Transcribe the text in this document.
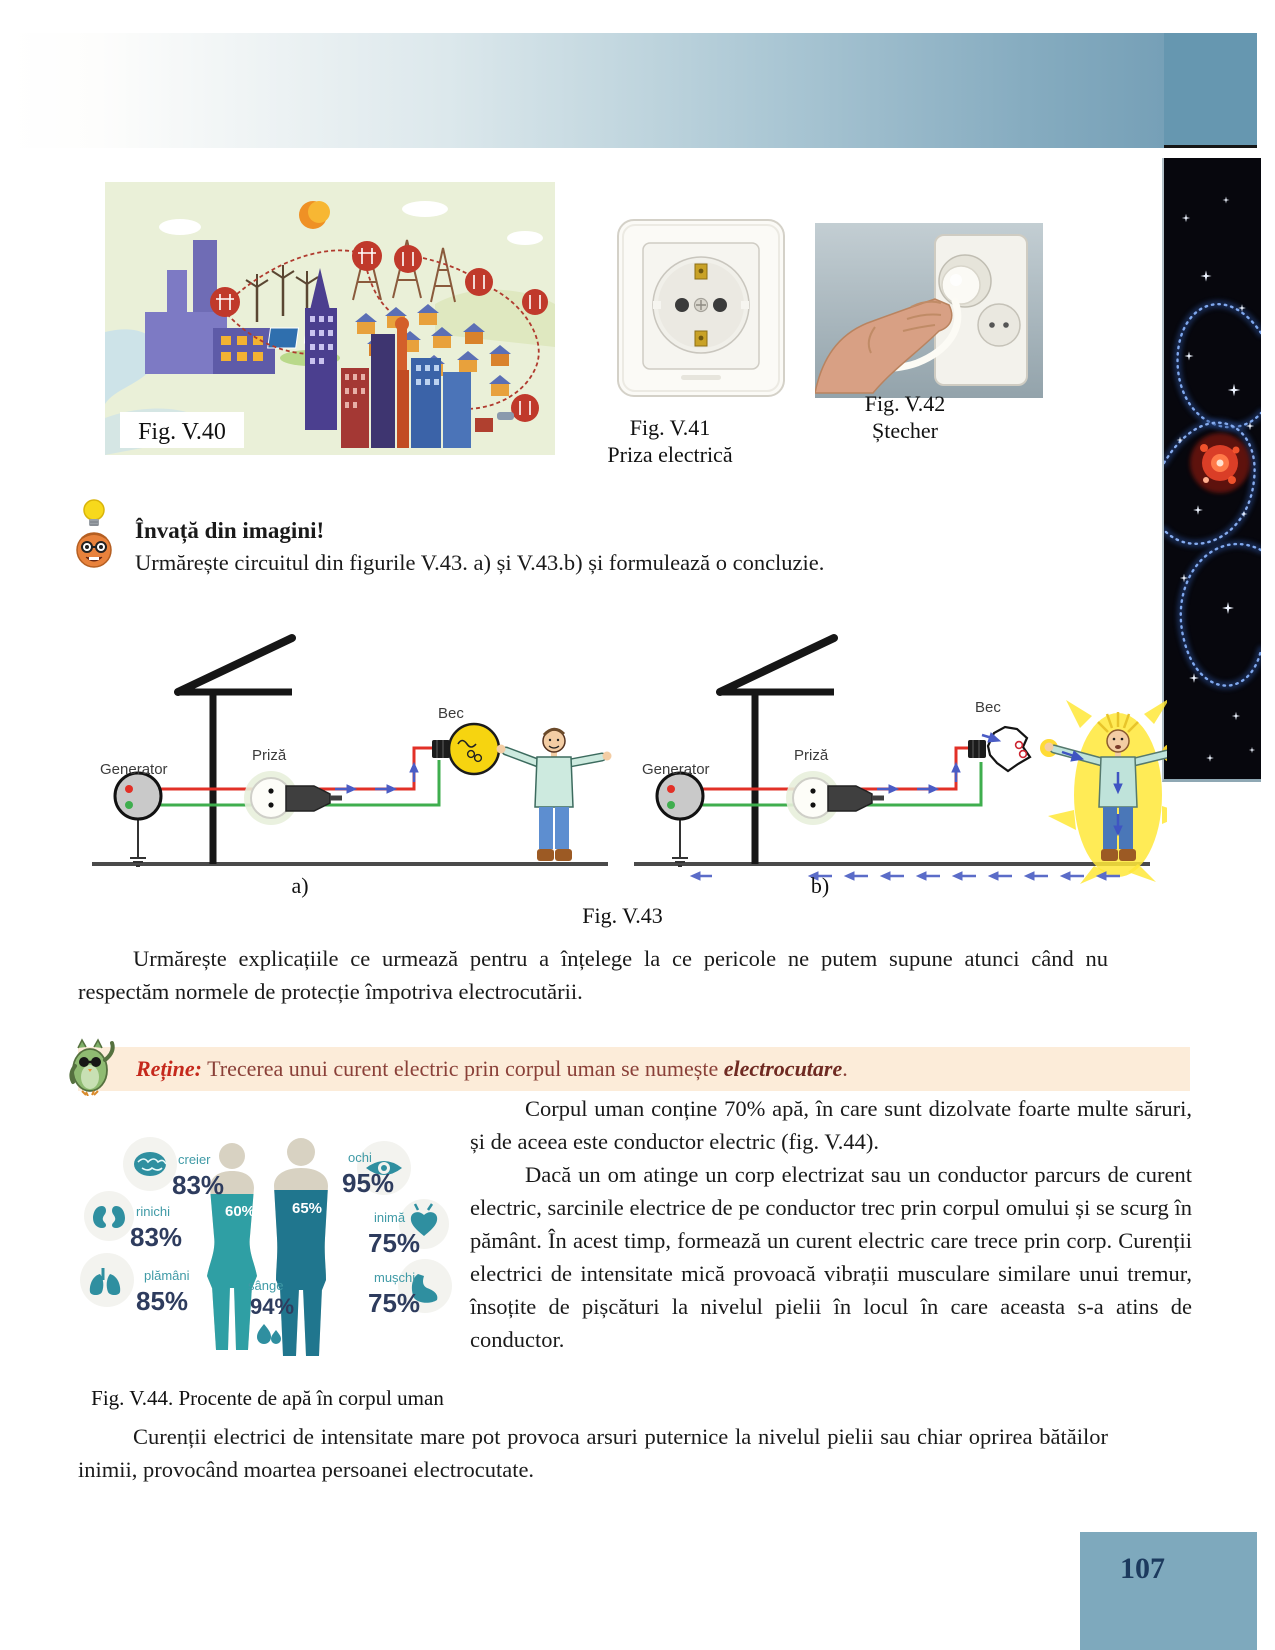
Fig. V.40	Fig. V.41
Priza electrică
Fig. V.42
Ștecher
Învață din imagini!
Urmărește circuitul din figurile V.43. a) și V.43.b) și formulează o concluzie.
Generator
Priză
Bec
Generator
Priză
Bec
a)	b)
Fig. V.43
Urmărește explicațiile ce urmează pentru a înțelege la ce pericole ne putem supune atunci când nu respectăm normele de protecție împotriva electrocutării.
Reține: Trecerea unui curent electric prin corpul uman se numește electrocutare.
60% 65%
creier
83%
rinichi
83%
plămâni
85%
ochi
95%
inimă
75%
mușchi
75%
sânge
94%
Fig. V.44. Procente de apă în corpul uman

Corpul uman conține 70% apă, în care sunt dizolvate foarte multe săruri, și de aceea este conductor electric (fig. V.44).

Dacă un om atinge un corp electrizat sau un conductor parcurs de curent electric, sarcinile electrice de pe conductor trec prin corpul omului și se scurg în pământ. În acest timp, formează un curent electric care trece prin corp. Curenții electrici de intensitate mică provoacă vibrații musculare similare unui tremur, însoțite de pișcături la nivelul pielii în locul în care aceasta s-a atins de conductor.

Curenții electrici de intensitate mare pot provoca arsuri puternice la nivelul pielii sau chiar oprirea bătăilor inimii, provocând moartea persoanei electrocutate.
107
